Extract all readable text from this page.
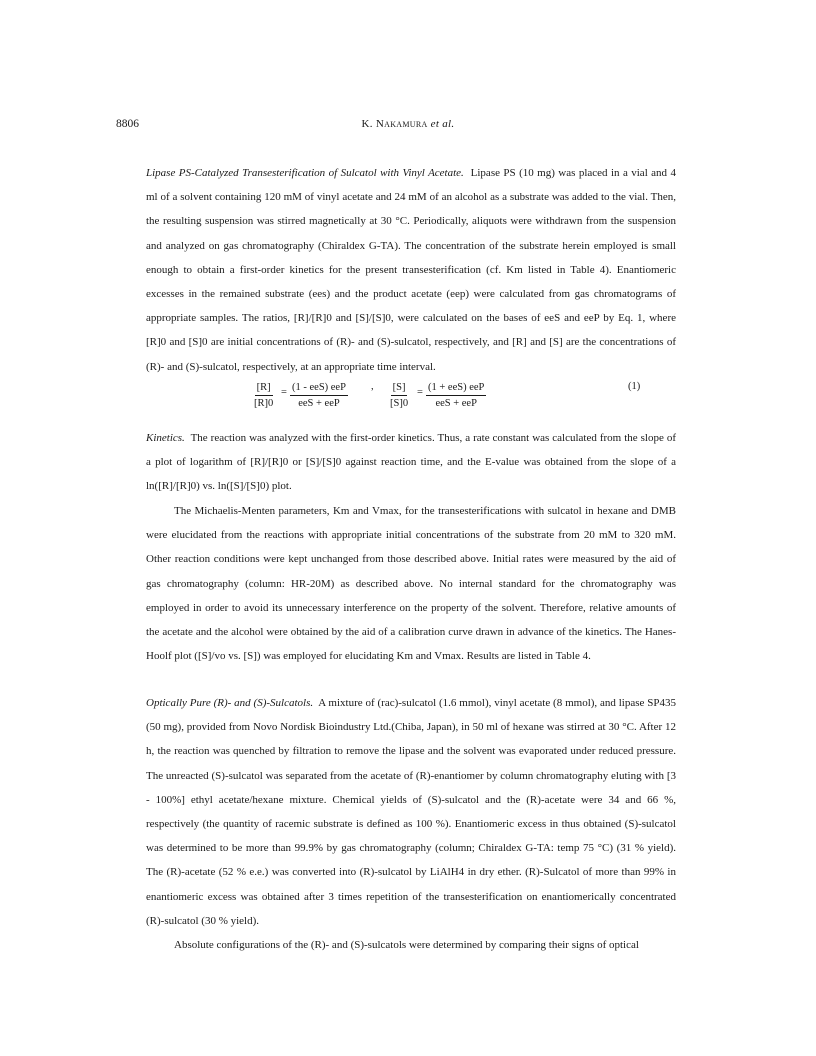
8806	K. Nakamura et al.

Lipase PS-Catalyzed Transesterification of Sulcatol with Vinyl Acetate. Lipase PS (10 mg) was placed in a vial and 4 ml of a solvent containing 120 mM of vinyl acetate and 24 mM of an alcohol as a substrate was added to the vial. Then, the resulting suspension was stirred magnetically at 30 °C. Periodically, aliquots were withdrawn from the suspension and analyzed on gas chromatography (Chiraldex G-TA). The concentration of the substrate herein employed is small enough to obtain a first-order kinetics for the present transesterification (cf. Km listed in Table 4). Enantiomeric excesses in the remained substrate (ees) and the product acetate (eep) were calculated from gas chromatograms of appropriate samples. The ratios, [R]/[R]0 and [S]/[S]0, were calculated on the bases of eeS and eeP by Eq. 1, where [R]0 and [S]0 are initial concentrations of (R)- and (S)-sulcatol, respectively, and [R] and [S] are the concentrations of (R)- and (S)-sulcatol, respectively, at an appropriate time interval.

$\frac{[R]}{[R]0} = (1 - eeS)$ eeP
eeS + eeP
, $\frac{[S]}{[S]0} = (1 + eeS)$ eeP
eeS + eeP
(1)

Kinetics. The reaction was analyzed with the first-order kinetics. Thus, a rate constant was calculated from the slope of a plot of logarithm of [R]/[R]0 or [S]/[S]0 against reaction time, and the E-value was obtained from the slope of a ln([R]/[R]0) vs. ln([S]/[S]0) plot.

The Michaelis-Menten parameters, Km and Vmax, for the transesterifications with sulcatol in hexane and DMB were elucidated from the reactions with appropriate initial concentrations of the substrate from 20 mM to 320 mM. Other reaction conditions were kept unchanged from those described above. Initial rates were measured by the aid of gas chromatography (column: HR-20M) as described above. No internal standard for the chromatography was employed in order to avoid its unnecessary interference on the property of the solvent. Therefore, relative amounts of the acetate and the alcohol were obtained by the aid of a calibration curve drawn in advance of the kinetics. The Hanes-Hoolf plot ([S]/vo vs. [S]) was employed for elucidating Km and Vmax. Results are listed in Table 4.

Optically Pure (R)- and (S)-Sulcatols. A mixture of (rac)-sulcatol (1.6 mmol), vinyl acetate (8 mmol), and lipase SP435 (50 mg), provided from Novo Nordisk Bioindustry Ltd.(Chiba, Japan), in 50 ml of hexane was stirred at 30 °C. After 12 h, the reaction was quenched by filtration to remove the lipase and the solvent was evaporated under reduced pressure. The unreacted (S)-sulcatol was separated from the acetate of (R)-enantiomer by column chromatography eluting with [3 - 100%] ethyl acetate/hexane mixture. Chemical yields of (S)-sulcatol and the (R)-acetate were 34 and 66 %, respectively (the quantity of racemic substrate is defined as 100 %). Enantiomeric excess in thus obtained (S)-sulcatol was determined to be more than 99.9% by gas chromatography (column; Chiraldex G-TA: temp 75 °C) (31 % yield). The (R)-acetate (52 % e.e.) was converted into (R)-sulcatol by LiAlH4 in dry ether. (R)-Sulcatol of more than 99% in enantiomeric excess was obtained after 3 times repetition of the transesterification on enantiomerically concentrated (R)-sulcatol (30 % yield).

Absolute configurations of the (R)- and (S)-sulcatols were determined by comparing their signs of optical
